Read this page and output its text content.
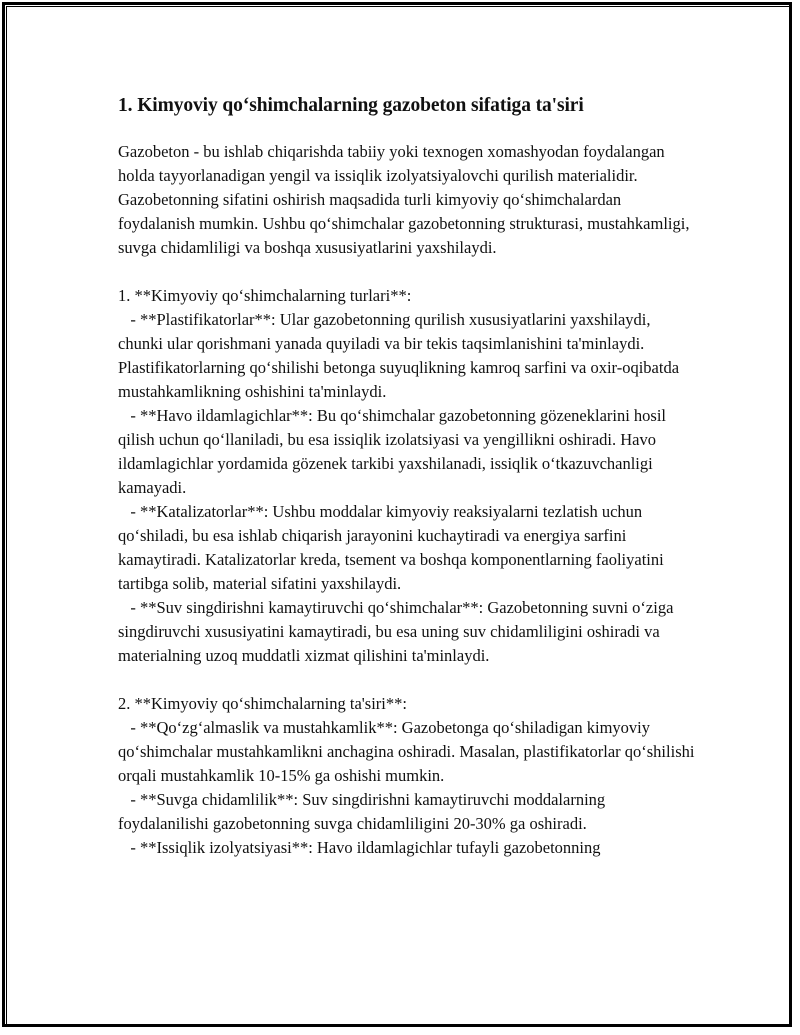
1. Kimyoviy qo‘shimchalarning gazobeton sifatiga ta'siri

Gazobeton - bu ishlab chiqarishda tabiiy yoki texnogen xomashyodan foydalangan holda tayyorlanadigan yengil va issiqlik izolyatsiyalovchi qurilish materialidir. Gazobetonning sifatini oshirish maqsadida turli kimyoviy qo‘shimchalardan foydalanish mumkin. Ushbu qo‘shimchalar gazobetonning strukturasi, mustahkamligi, suvga chidamliligi va boshqa xususiyatlarini yaxshilaydi.

1. **Kimyoviy qo‘shimchalarning turlari**:
- **Plastifikatorlar**: Ular gazobetonning qurilish xususiyatlarini yaxshilaydi, chunki ular qorishmani yanada quyiladi va bir tekis taqsimlanishini ta'minlaydi. Plastifikatorlarning qo‘shilishi betonga suyuqlikning kamroq sarfini va oxir-oqibatda mustahkamlikning oshishini ta'minlaydi.
- **Havo ildamlagichlar**: Bu qo‘shimchalar gazobetonning gözeneklarini hosil qilish uchun qo‘llaniladi, bu esa issiqlik izolatsiyasi va yengillikni oshiradi. Havo ildamlagichlar yordamida gözenek tarkibi yaxshilanadi, issiqlik o‘tkazuvchanligi kamayadi.
- **Katalizatorlar**: Ushbu moddalar kimyoviy reaksiyalarni tezlatish uchun qo‘shiladi, bu esa ishlab chiqarish jarayonini kuchaytiradi va energiya sarfini kamaytiradi. Katalizatorlar kreda, tsement va boshqa komponentlarning faoliyatini tartibga solib, material sifatini yaxshilaydi.
- **Suv singdirishni kamaytiruvchi qo‘shimchalar**: Gazobetonning suvni o‘ziga singdiruvchi xususiyatini kamaytiradi, bu esa uning suv chidamliligini oshiradi va materialning uzoq muddatli xizmat qilishini ta'minlaydi.
2. **Kimyoviy qo‘shimchalarning ta'siri**:
- **Qo‘zg‘almaslik va mustahkamlik**: Gazobetonga qo‘shiladigan kimyoviy qo‘shimchalar mustahkamlikni anchagina oshiradi. Masalan, plastifikatorlar qo‘shilishi orqali mustahkamlik 10-15% ga oshishi mumkin.
- **Suvga chidamlilik**: Suv singdirishni kamaytiruvchi moddalarning foydalanilishi gazobetonning suvga chidamliligini 20-30% ga oshiradi.
- **Issiqlik izolyatsiyasi**: Havo ildamlagichlar tufayli gazobetonning
